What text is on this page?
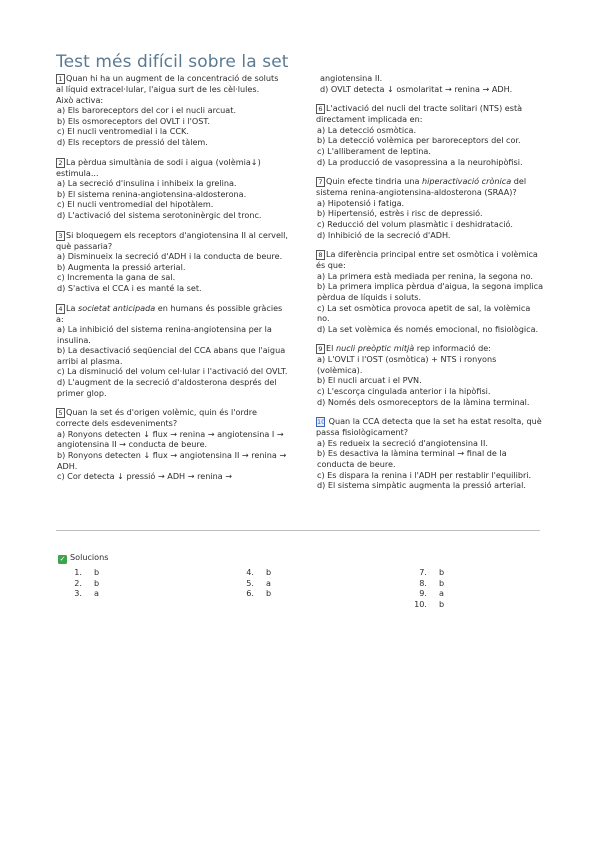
Test més difícil sobre la set

1 Quan hi ha un augment de la concentració de soluts al líquid extracel·lular, l'aigua surt de les cèl·lules.
Això activa:

a) Els baroreceptors del cor i el nucli arcuat.

b) Els osmoreceptors del OVLT i l'OST.

c) El nucli ventromedial i la CCK.

d) Els receptors de pressió del tàlem.

2 La pèrdua simultània de sodi i aigua (volèmia↓) estimula...

a) La secreció d'insulina i inhibeix la grelina.

b) El sistema renina-angiotensina-aldosterona.

c) El nucli ventromedial del hipotàlem.

d) L'activació del sistema serotoninèrgic del tronc.

3 Si bloquegem els receptors d'angiotensina II al cervell, què passaria?

a) Disminueix la secreció d'ADH i la conducta de beure.

b) Augmenta la pressió arterial.

c) Incrementa la gana de sal.

d) S'activa el CCA i es manté la set.

4 La societat anticipada en humans és possible gràcies a:

a) La inhibició del sistema renina-angiotensina per la insulina.

b) La desactivació seqüencial del CCA abans que l'aigua arribi al plasma.

c) La disminució del volum cel·lular i l'activació del OVLT.

d) L'augment de la secreció d'aldosterona després del primer glop.

5 Quan la set és d'origen volèmic, quin és l'ordre correcte dels esdeveniments?

a) Ronyons detecten ↓ flux → renina → angiotensina I → angiotensina II → conducta de beure.

b) Ronyons detecten ↓ flux → angiotensina II → renina → ADH.

c) Cor detecta ↓ pressió → ADH → renina →

angiotensina II.

d) OVLT detecta ↓ osmolaritat → renina → ADH.

6 L'activació del nucli del tracte solitari (NTS) està directament implicada en:

a) La detecció osmòtica.

b) La detecció volèmica per baroreceptors del cor.

c) L'alliberament de leptina.

d) La producció de vasopressina a la neurohipòfisi.

7 Quin efecte tindria una hiperactivació crònica del sistema renina-angiotensina-aldosterona (SRAA)?

a) Hipotensió i fatiga.

b) Hipertensió, estrès i risc de depressió.

c) Reducció del volum plasmàtic i deshidratació.

d) Inhibició de la secreció d'ADH.

8 La diferència principal entre set osmòtica i volèmica és que:

a) La primera està mediada per renina, la segona no.

b) La primera implica pèrdua d'aigua, la segona implica pèrdua de líquids i soluts.

c) La set osmòtica provoca apetit de sal, la volèmica no.

d) La set volèmica és només emocional, no fisiològica.

9 El nucli preòptic mitjà rep informació de:

a) L'OVLT i l'OST (osmòtica) + NTS i ronyons (volèmica).

b) El nucli arcuat i el PVN.

c) L'escorça cingulada anterior i la hipòfisi.

d) Només dels osmoreceptors de la làmina terminal.

10 Quan la CCA detecta que la set ha estat resolta, què passa fisiològicament?

a) Es redueix la secreció d'angiotensina II.

b) Es desactiva la làmina terminal → final de la conducta de beure.

c) Es dispara la renina i l'ADH per restablir l'equilibri.

d) El sistema simpàtic augmenta la pressió arterial.

✓ Solucions
1. b
2. b
3. a
4. b
5. a
6. b
7. b
8. b
9. a
10. b
